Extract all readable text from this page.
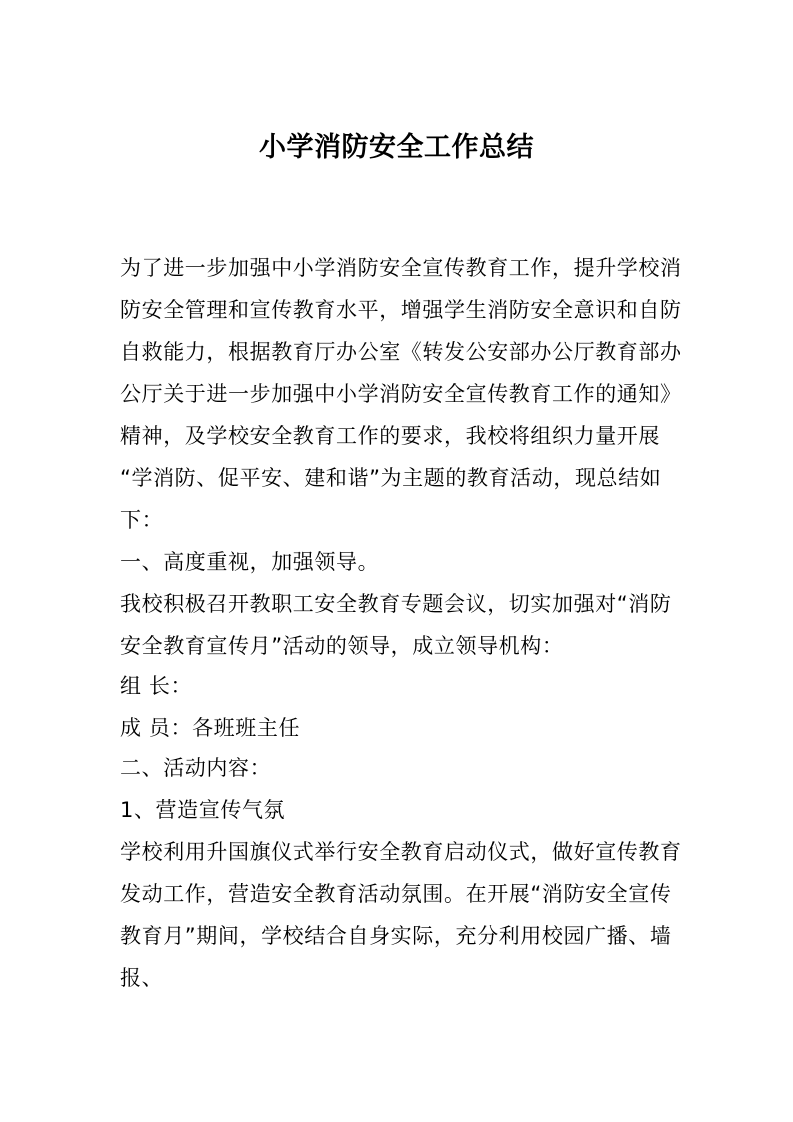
小学消防安全工作总结
为了进一步加强中小学消防安全宣传教育工作，提升学校消
防安全管理和宣传教育水平，增强学生消防安全意识和自防
自救能力，根据教育厅办公室《转发公安部办公厅教育部办
公厅关于进一步加强中小学消防安全宣传教育工作的通知》
精神，及学校安全教育工作的要求，我校将组织力量开展
“学消防、促平安、建和谐”为主题的教育活动，现总结如
下：
一、高度重视，加强领导。
我校积极召开教职工安全教育专题会议，切实加强对“消防
安全教育宣传月”活动的领导，成立领导机构：
组 长：
成 员：各班班主任
二、活动内容：
1、营造宣传气氛
学校利用升国旗仪式举行安全教育启动仪式，做好宣传教育
发动工作，营造安全教育活动氛围。在开展“消防安全宣传
教育月”期间，学校结合自身实际，充分利用校园广播、墙
报、
